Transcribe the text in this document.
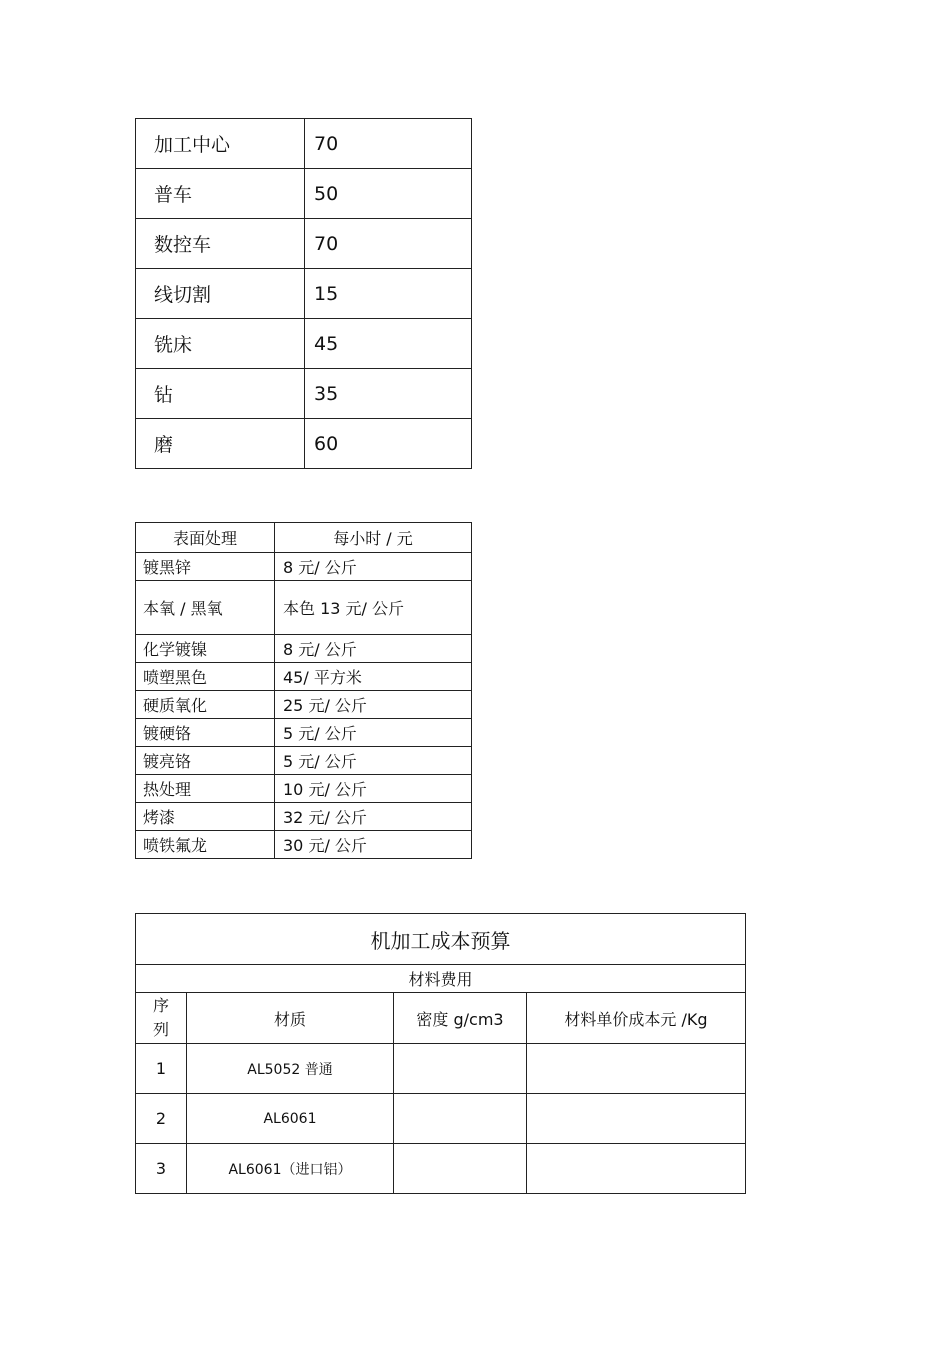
加工中心	70
普车	50
数控车	70
线切割	15
铣床	45
钻	35
磨	60
表面处理	每小时 / 元
镀黑锌	8 元/ 公斤
本氧 / 黑氧	本色 13 元/ 公斤
化学镀镍	8 元/ 公斤
喷塑黑色	45/ 平方米
硬质氧化	25 元/ 公斤
镀硬铬	5 元/ 公斤
镀亮铬	5 元/ 公斤
热处理	10 元/ 公斤
烤漆	32 元/ 公斤
喷铁氟龙	30 元/ 公斤
机加工成本预算			
材料费用			

序
列	材质	密度 g/cm3	材料单价成本元 /Kg
1	AL5052 普通		
2	AL6061		
3	AL6061（进口铝）		
